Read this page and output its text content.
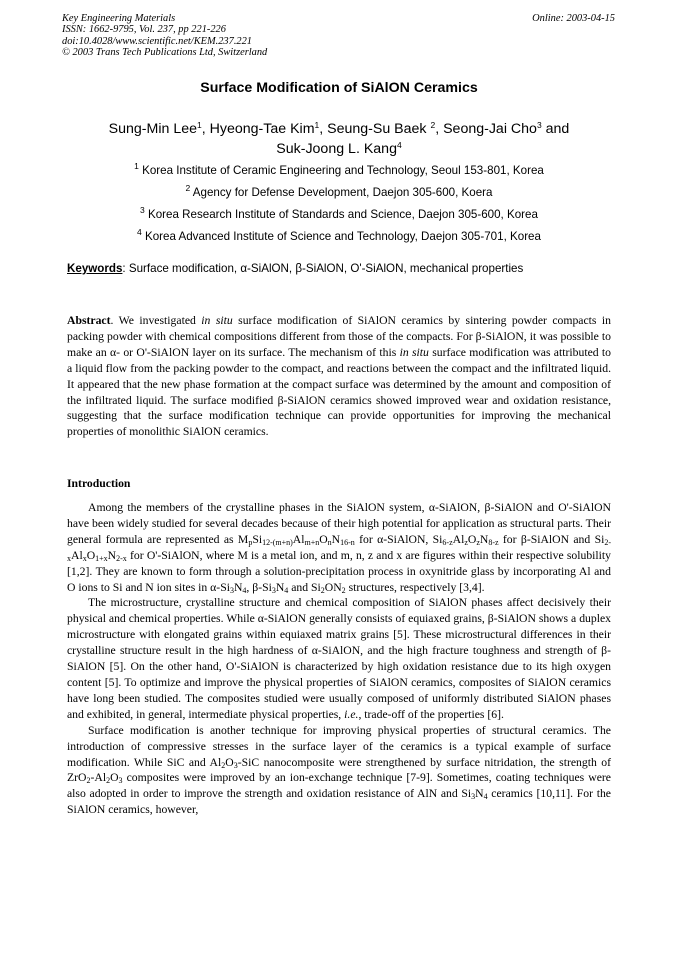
Key Engineering Materials
ISSN: 1662-9795, Vol. 237, pp 221-226
doi:10.4028/www.scientific.net/KEM.237.221
© 2003 Trans Tech Publications Ltd, Switzerland
Online: 2003-04-15
Surface Modification of SiAlON Ceramics
Sung-Min Lee$^1$, Hyeong-Tae Kim$^1$, Seung-Su Baek $^2$, Seong-Jai Cho$^3$ and
Suk-Joong L. Kang$^4$
$^1$ Korea Institute of Ceramic Engineering and Technology, Seoul 153-801, Korea
$^2$ Agency for Defense Development, Daejon 305-600, Koera
$^3$ Korea Research Institute of Standards and Science, Daejon 305-600, Korea
$^4$ Korea Advanced Institute of Science and Technology, Daejon 305-701, Korea
Keywords: Surface modification, α-SiAlON, β-SiAlON, O'-SiAlON, mechanical properties

Abstract. We investigated in situ surface modification of SiAlON ceramics by sintering powder compacts in packing powder with chemical compositions different from those of the compacts. For β-SiAlON, it was possible to make an α- or O'-SiAlON layer on its surface. The mechanism of this in situ surface modification was attributed to a liquid flow from the packing powder to the compact, and reactions between the compact and the infiltrated liquid. It appeared that the new phase formation at the compact surface was determined by the amount and composition of the infiltrated liquid. The surface modified β-SiAlON ceramics showed improved wear and oxidation resistance, suggesting that the surface modification technique can provide opportunities for improving the mechanical properties of monolithic SiAlON ceramics.

Introduction

Among the members of the crystalline phases in the SiAlON system, α-SiAlON, β-SiAlON and O'-SiAlON have been widely studied for several decades because of their high potential for application as structural parts. Their general formula are represented as $M_pSi_{12-(m+n)}Al_{m+n}O_nN_{16-n}$ for α-SiAlON, $Si_{6-z}Al_zO_zN_{8-z}$ for β-SiAlON and $Si_{2-x}Al_xO_{1+x}N_{2-x}$ for O'-SiAlON, where M is a metal ion, and m, n, z and x are figures within their respective solubility [1,2]. They are known to form through a solution-precipitation process in oxynitride glass by incorporating Al and O ions to Si and N ion sites in $\alpha-Si_3N_4$, $\beta-Si_3N_4$ and $Si_2ON_2$ structures, respectively [3,4].

The microstructure, crystalline structure and chemical composition of SiAlON phases affect decisively their physical and chemical properties. While α-SiAlON generally consists of equiaxed grains, β-SiAlON shows a duplex microstructure with elongated grains within equiaxed matrix grains [5]. These microstructural differences in their crystalline structure result in the high hardness of α-SiAlON, and the high fracture toughness and strength of β-SiAlON [5]. On the other hand, O'-SiAlON is characterized by high oxidation resistance due to its high oxygen content [5]. To optimize and improve the physical properties of SiAlON ceramics, composites of SiAlON ceramics have long been studied. The composites studied were usually composed of uniformly distributed SiAlON phases and exhibited, in general, intermediate physical properties, i.e., trade-off of the properties [6].

Surface modification is another technique for improving physical properties of structural ceramics. The introduction of compressive stresses in the surface layer of the ceramics is a typical example of surface modification. While SiC and $Al_2O_3$-SiC nanocomposite were strengthened by surface nitridation, the strength of $ZrO_2-Al_2O_3$ composites were improved by an ion-exchange technique [7-9]. Sometimes, coating techniques were also adopted in order to improve the strength and oxidation resistance of AlN and $Si_3N_4$ ceramics [10,11]. For the SiAlON ceramics, however,
